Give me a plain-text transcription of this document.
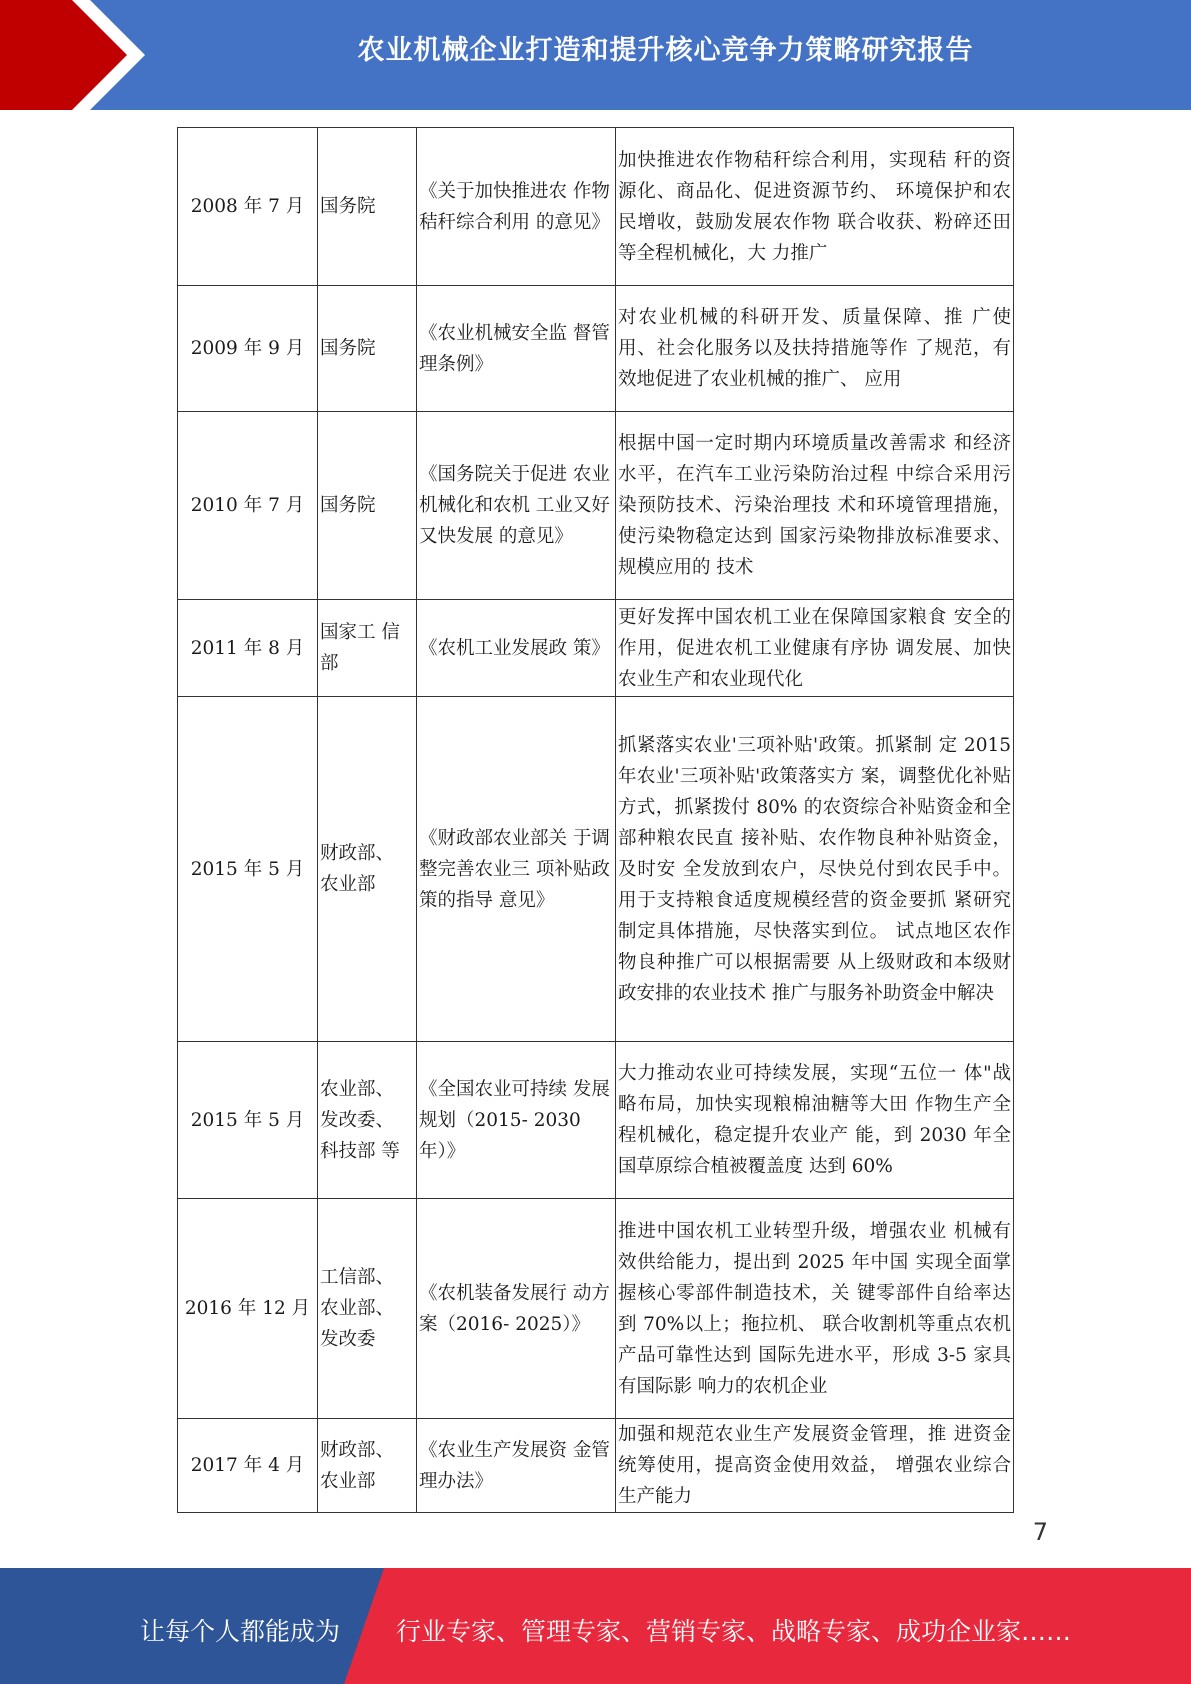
农业机械企业打造和提升核心竞争力策略研究报告
2008 年 7 月	国务院	《关于加快推进农 作物秸秆综合利用 的意见》	加快推进农作物秸秆综合利用，实现秸 秆的资源化、商品化、促进资源节约、 环境保护和农民增收，鼓励发展农作物 联合收获、粉碎还田等全程机械化，大 力推广
2009 年 9 月	国务院	《农业机械安全监 督管理条例》	对农业机械的科研开发、质量保障、推 广使用、社会化服务以及扶持措施等作 了规范，有效地促进了农业机械的推广、 应用
2010 年 7 月	国务院	《国务院关于促进 农业机械化和农机 工业又好又快发展 的意见》	根据中国一定时期内环境质量改善需求 和经济水平，在汽车工业污染防治过程 中综合采用污染预防技术、污染治理技 术和环境管理措施，使污染物稳定达到 国家污染物排放标准要求、规模应用的 技术
2011 年 8 月	国家工 信部	《农机工业发展政 策》	更好发挥中国农机工业在保障国家粮食 安全的作用，促进农机工业健康有序协 调发展、加快农业生产和农业现代化
2015 年 5 月	财政部、 农业部	《财政部农业部关 于调整完善农业三 项补贴政策的指导 意见》	抓紧落实农业'三项补贴'政策。抓紧制 定 2015 年农业'三项补贴'政策落实方 案，调整优化补贴方式，抓紧拨付 80% 的农资综合补贴资金和全部种粮农民直 接补贴、农作物良种补贴资金，及时安 全发放到农户，尽快兑付到农民手中。 用于支持粮食适度规模经营的资金要抓 紧研究制定具体措施，尽快落实到位。 试点地区农作物良种推广可以根据需要 从上级财政和本级财政安排的农业技术 推广与服务补助资金中解决
2015 年 5 月	农业部、 发改委、 科技部 等	《全国农业可持续 发展规划（2015- 2030 年）》	大力推动农业可持续发展，实现“五位一 体"战略布局，加快实现粮棉油糖等大田 作物生产全程机械化，稳定提升农业产 能，到 2030 年全国草原综合植被覆盖度 达到 60%
2016 年 12 月	工信部、 农业部、 发改委	《农机装备发展行 动方案（2016- 2025）》	推进中国农机工业转型升级，增强农业 机械有效供给能力，提出到 2025 年中国 实现全面掌握核心零部件制造技术，关 键零部件自给率达到 70%以上；拖拉机、 联合收割机等重点农机产品可靠性达到 国际先进水平，形成 3-5 家具有国际影 响力的农机企业
2017 年 4 月	财政部、 农业部	《农业生产发展资 金管理办法》	加强和规范农业生产发展资金管理，推 进资金统筹使用，提高资金使用效益， 增强农业综合生产能力
7
让每个人都能成为 行业专家、管理专家、营销专家、战略专家、成功企业家……
